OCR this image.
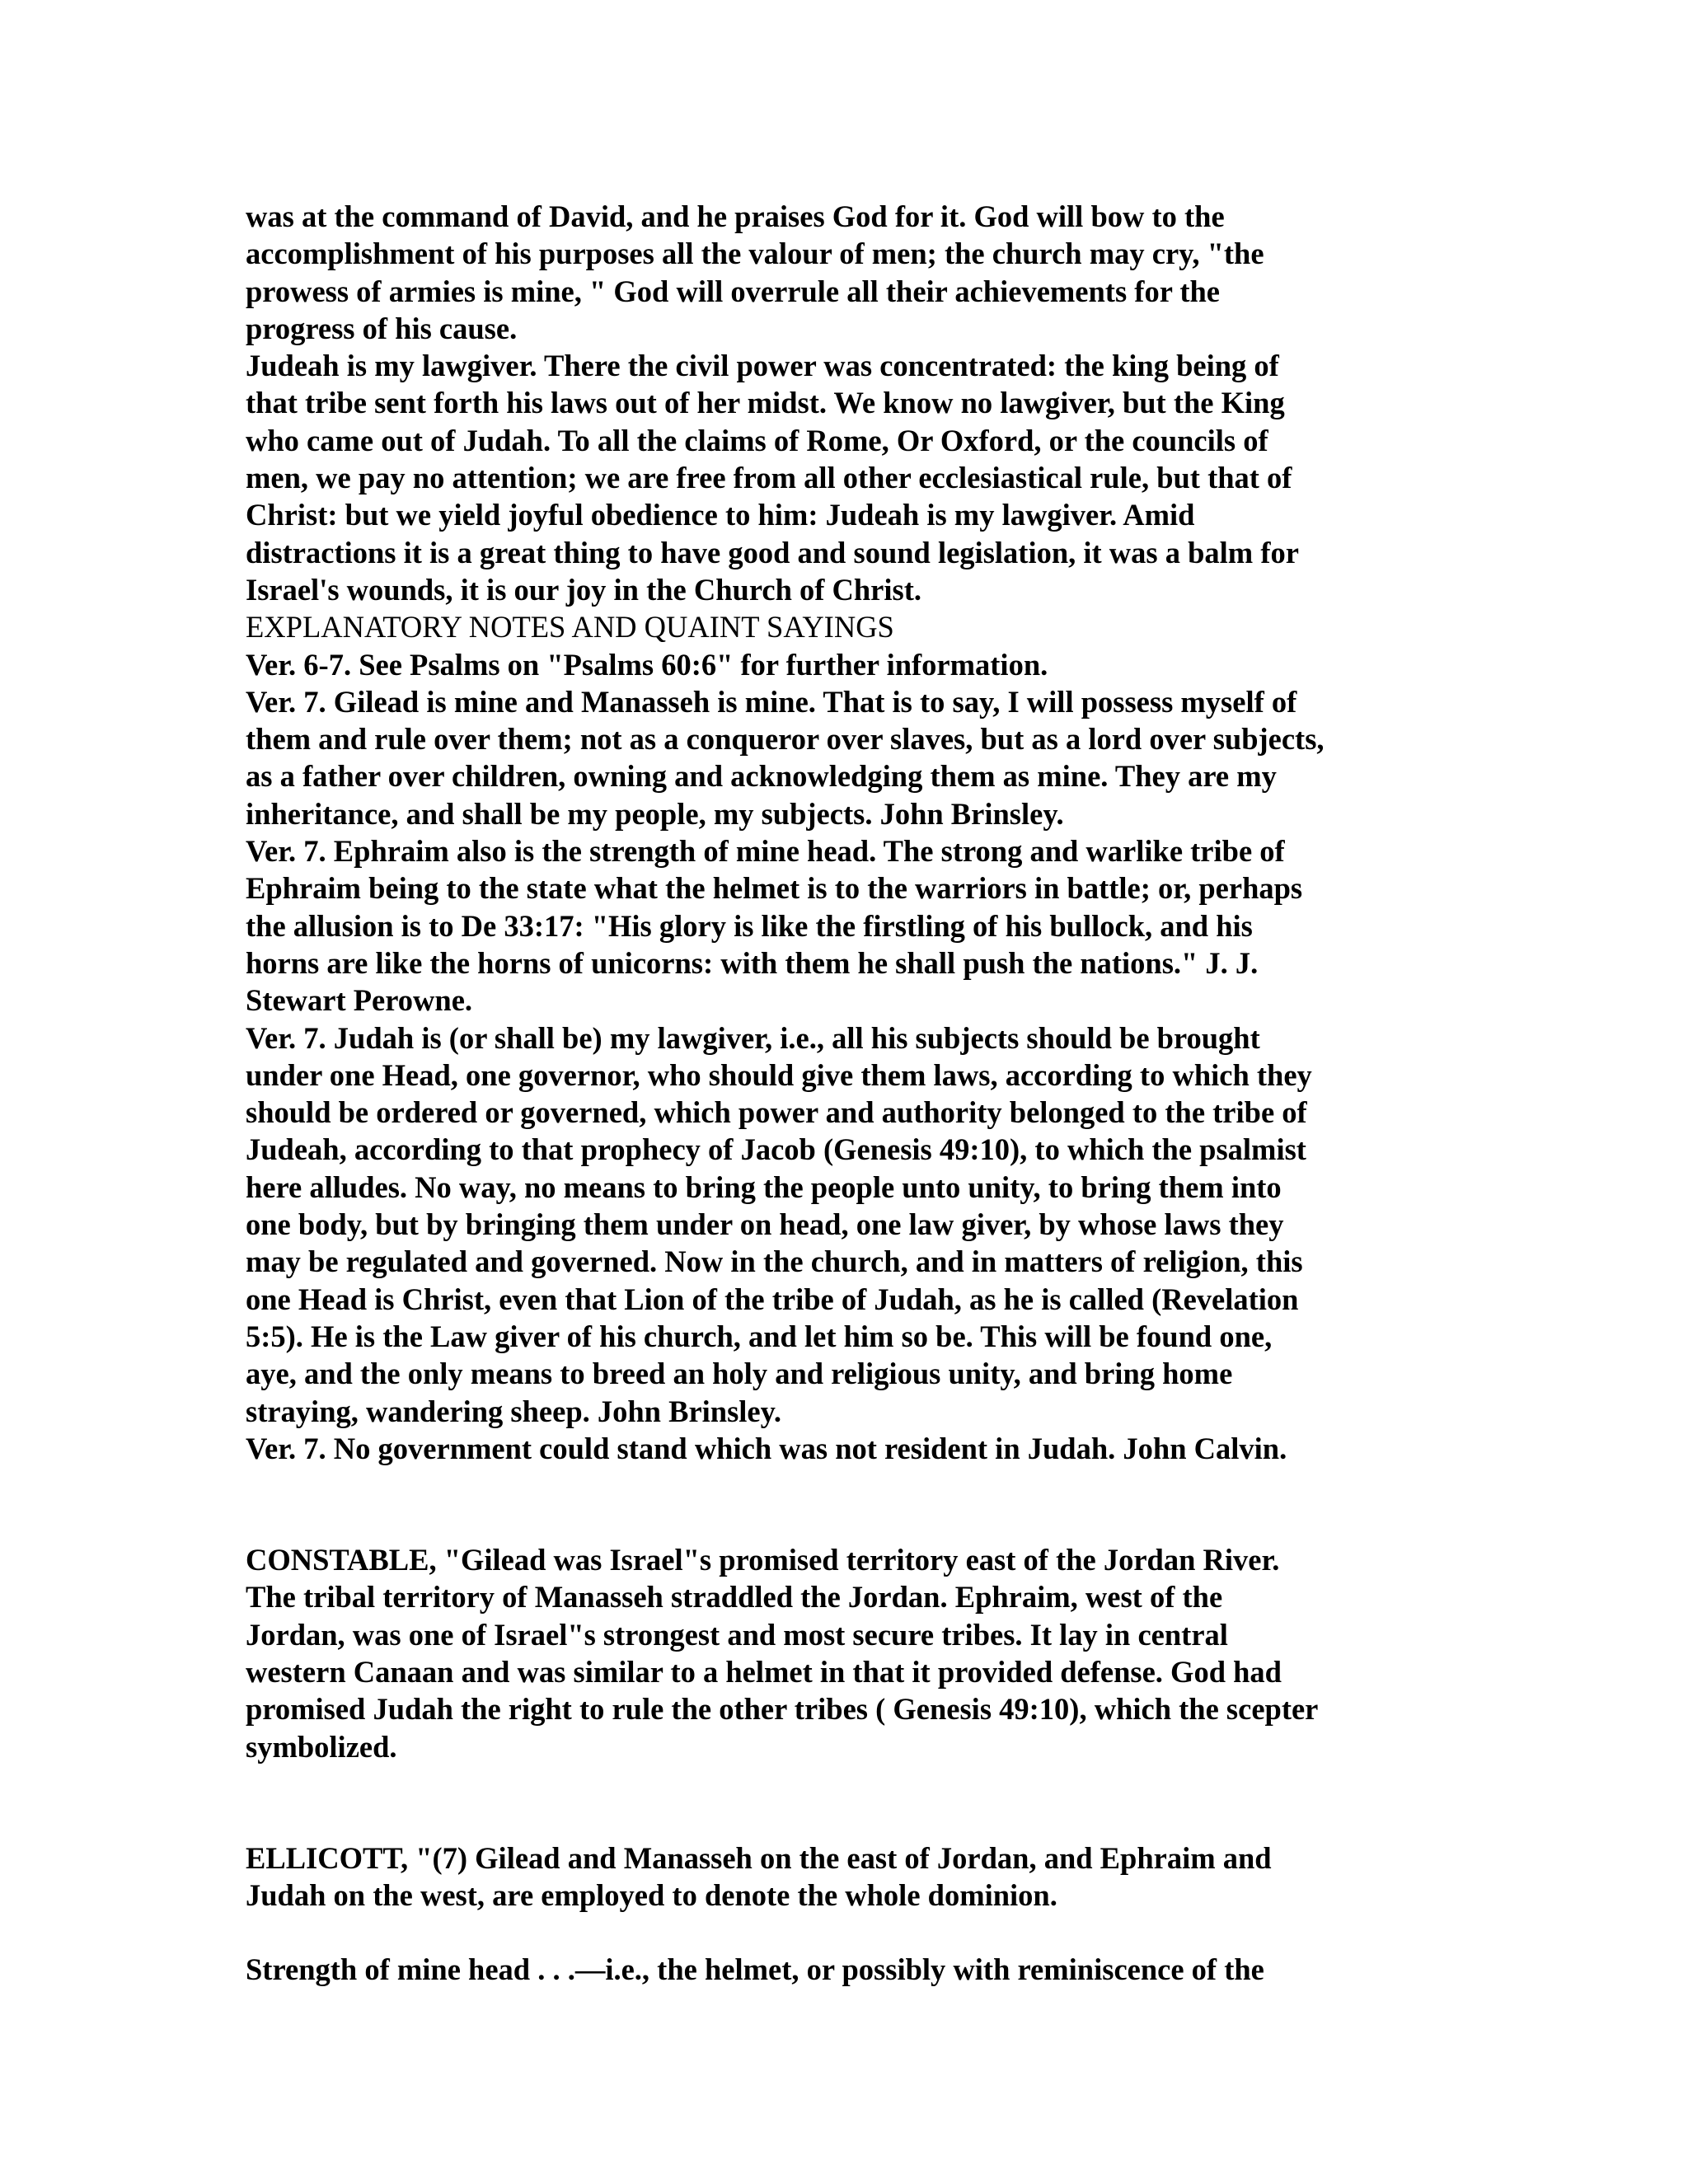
was at the command of David, and he praises God for it. God will bow to the
accomplishment of his purposes all the valour of men; the church may cry, "the
prowess of armies is mine, " God will overrule all their achievements for the
progress of his cause.
Judeah is my lawgiver. There the civil power was concentrated: the king being of
that tribe sent forth his laws out of her midst. We know no lawgiver, but the King
who came out of Judah. To all the claims of Rome, Or Oxford, or the councils of
men, we pay no attention; we are free from all other ecclesiastical rule, but that of
Christ: but we yield joyful obedience to him: Judeah is my lawgiver. Amid
distractions it is a great thing to have good and sound legislation, it was a balm for
Israel's wounds, it is our joy in the Church of Christ.
EXPLANATORY NOTES AND QUAINT SAYINGS
Ver. 6-7. See Psalms on "Psalms 60:6" for further information.
Ver. 7. Gilead is mine and Manasseh is mine. That is to say, I will possess myself of
them and rule over them; not as a conqueror over slaves, but as a lord over subjects,
as a father over children, owning and acknowledging them as mine. They are my
inheritance, and shall be my people, my subjects. John Brinsley.
Ver. 7. Ephraim also is the strength of mine head. The strong and warlike tribe of
Ephraim being to the state what the helmet is to the warriors in battle; or, perhaps
the allusion is to De 33:17: "His glory is like the firstling of his bullock, and his
horns are like the horns of unicorns: with them he shall push the nations." J. J.
Stewart Perowne.
Ver. 7. Judah is (or shall be) my lawgiver, i.e., all his subjects should be brought
under one Head, one governor, who should give them laws, according to which they
should be ordered or governed, which power and authority belonged to the tribe of
Judeah, according to that prophecy of Jacob (Genesis 49:10), to which the psalmist
here alludes. No way, no means to bring the people unto unity, to bring them into
one body, but by bringing them under on head, one law giver, by whose laws they
may be regulated and governed. Now in the church, and in matters of religion, this
one Head is Christ, even that Lion of the tribe of Judah, as he is called (Revelation
5:5). He is the Law giver of his church, and let him so be. This will be found one,
aye, and the only means to breed an holy and religious unity, and bring home
straying, wandering sheep. John Brinsley.
Ver. 7. No government could stand which was not resident in Judah. John Calvin.
CONSTABLE, "Gilead was Israel"s promised territory east of the Jordan River.
The tribal territory of Manasseh straddled the Jordan. Ephraim, west of the
Jordan, was one of Israel"s strongest and most secure tribes. It lay in central
western Canaan and was similar to a helmet in that it provided defense. God had
promised Judah the right to rule the other tribes ( Genesis 49:10), which the scepter
symbolized.
ELLICOTT, "(7) Gilead and Manasseh on the east of Jordan, and Ephraim and
Judah on the west, are employed to denote the whole dominion.
Strength of mine head . . .—i.e., the helmet, or possibly with reminiscence of the
